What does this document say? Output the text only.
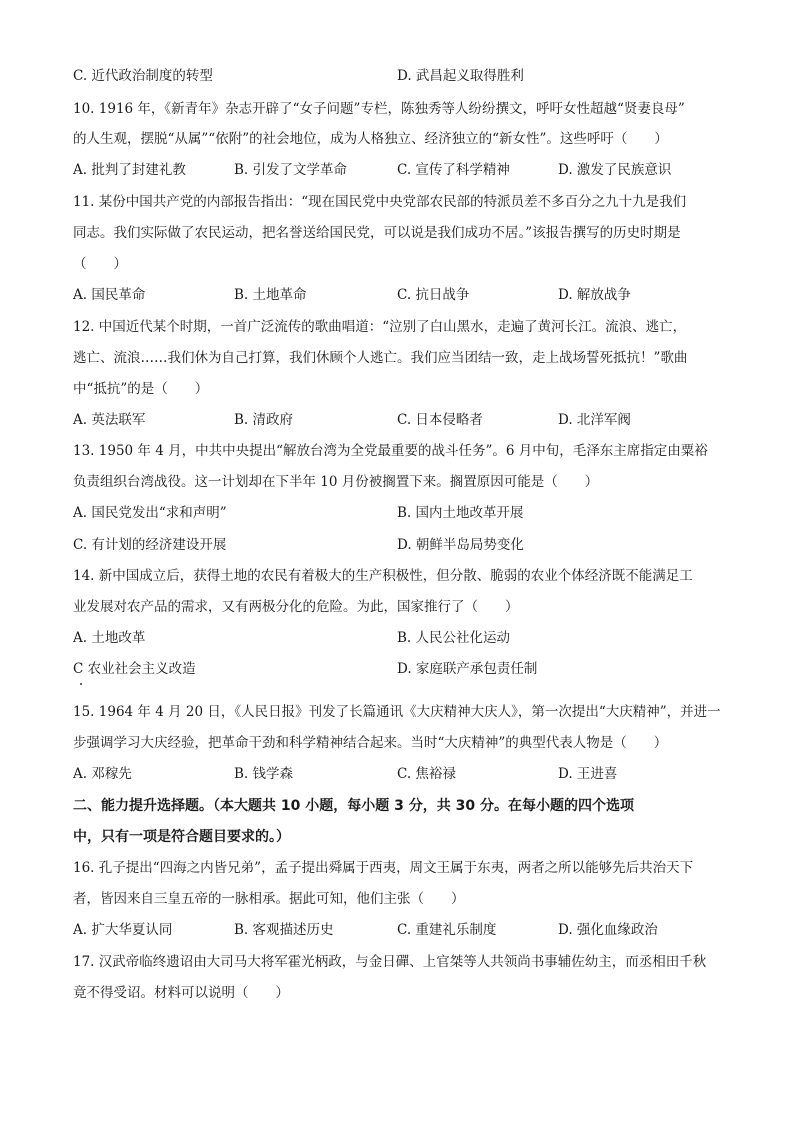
C. 近代政治制度的转型	D. 武昌起义取得胜利
10. 1916 年，《新青年》杂志开辟了“女子问题”专栏，陈独秀等人纷纷撰文，呼吁女性超越“贤妻良母”
的人生观，摆脱“从属”“依附”的社会地位，成为人格独立、经济独立的“新女性”。这些呼吁（　　）
A. 批判了封建礼教	B. 引发了文学革命	C. 宣传了科学精神	D. 激发了民族意识
11. 某份中国共产党的内部报告指出：“现在国民党中央党部农民部的特派员差不多百分之九十九是我们
同志。我们实际做了农民运动，把名誉送给国民党，可以说是我们成功不居。”该报告撰写的历史时期是
（　　）
A. 国民革命	B. 土地革命	C. 抗日战争	D. 解放战争
12. 中国近代某个时期，一首广泛流传的歌曲唱道：“泣别了白山黑水，走遍了黄河长江。流浪、逃亡，
逃亡、流浪……我们休为自己打算，我们休顾个人逃亡。我们应当团结一致，走上战场誓死抵抗！”歌曲
中“抵抗”的是（　　）
A. 英法联军	B. 清政府	C. 日本侵略者	D. 北洋军阀
13. 1950 年 4 月，中共中央提出“解放台湾为全党最重要的战斗任务”。6 月中旬，毛泽东主席指定由粟裕
负责组织台湾战役。这一计划却在下半年 10 月份被搁置下来。搁置原因可能是（　　）
A. 国民党发出“求和声明”	B. 国内土地改革开展
C. 有计划的经济建设开展	D. 朝鲜半岛局势变化
14. 新中国成立后，获得土地的农民有着极大的生产积极性，但分散、脆弱的农业个体经济既不能满足工
业发展对农产品的需求，又有两极分化的危险。为此，国家推行了（　　）
A. 土地改革	B. 人民公社化运动
C 农业社会主义改造	D. 家庭联产承包责任制
15. 1964 年 4 月 20 日，《人民日报》刊发了长篇通讯《大庆精神大庆人》，第一次提出“大庆精神”，并进一
步强调学习大庆经验，把革命干劲和科学精神结合起来。当时“大庆精神”的典型代表人物是（　　）
A. 邓稼先	B. 钱学森	C. 焦裕禄	D. 王进喜
二、能力提升选择题。（本大题共 10 小题，每小题 3 分，共 30 分。在每小题的四个选项
中，只有一项是符合题目要求的。）
16. 孔子提出“四海之内皆兄弟”，孟子提出舜属于西夷，周文王属于东夷，两者之所以能够先后共治天下
者，皆因来自三皇五帝的一脉相承。据此可知，他们主张（　　）
A. 扩大华夏认同	B. 客观描述历史	C. 重建礼乐制度	D. 强化血缘政治
17. 汉武帝临终遗诏由大司马大将军霍光柄政，与金日磾、上官桀等人共领尚书事辅佐幼主，而丞相田千秋
竟不得受诏。材料可以说明（　　）
